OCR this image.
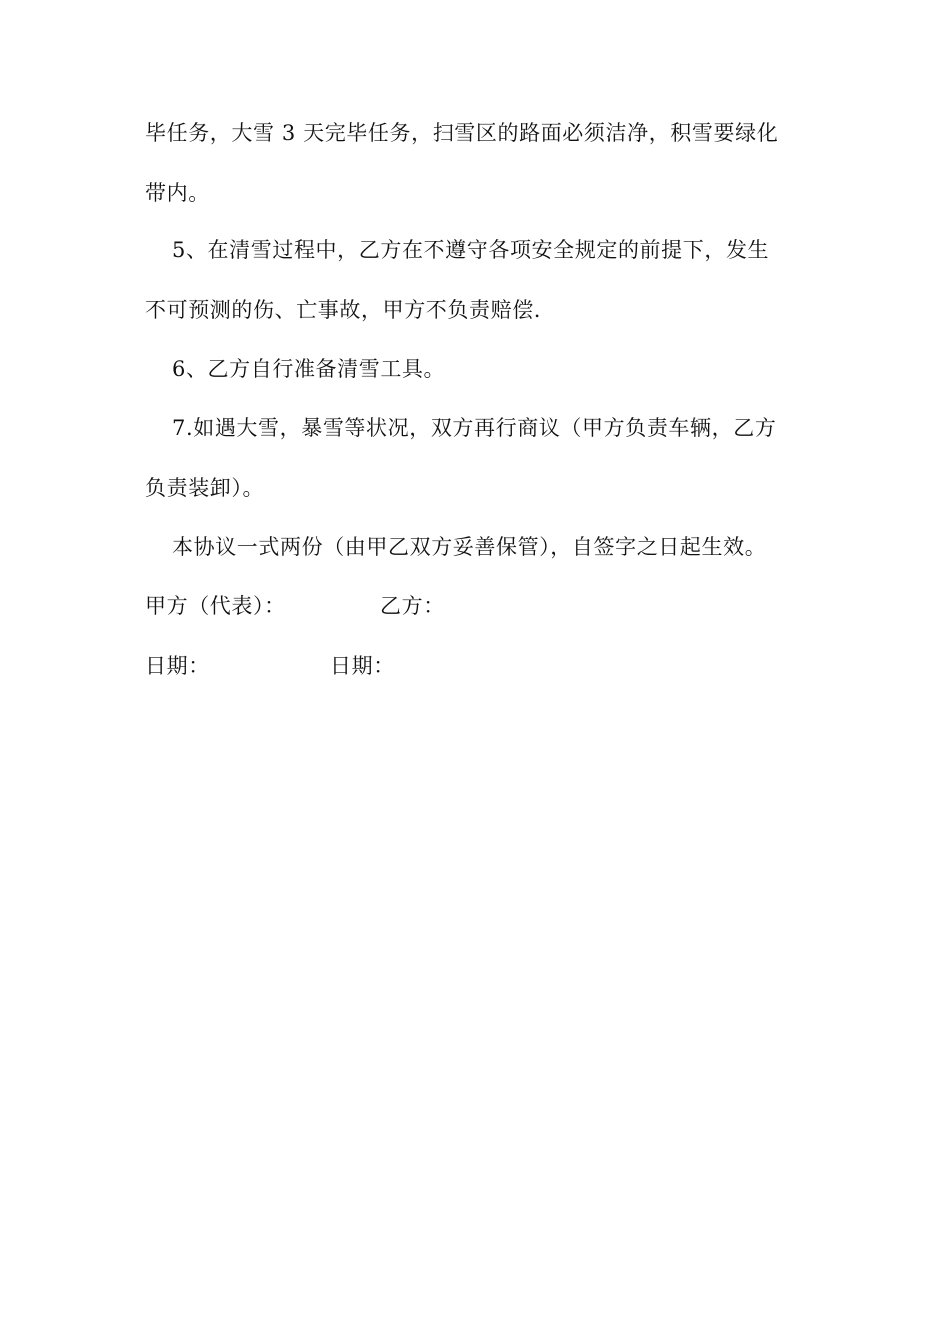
毕任务，大雪 3 天完毕任务，扫雪区的路面必须洁净，积雪要绿化
带内。
5、在清雪过程中，乙方在不遵守各项安全规定的前提下，发生
不可预测的伤、亡事故，甲方不负责赔偿.
6、乙方自行准备清雪工具。
7.如遇大雪，暴雪等状况，双方再行商议（甲方负责车辆，乙方
负责装卸）。
本协议一式两份（由甲乙双方妥善保管），自签字之日起生效。
甲方（代表）：	乙方：
日期：	日期：
